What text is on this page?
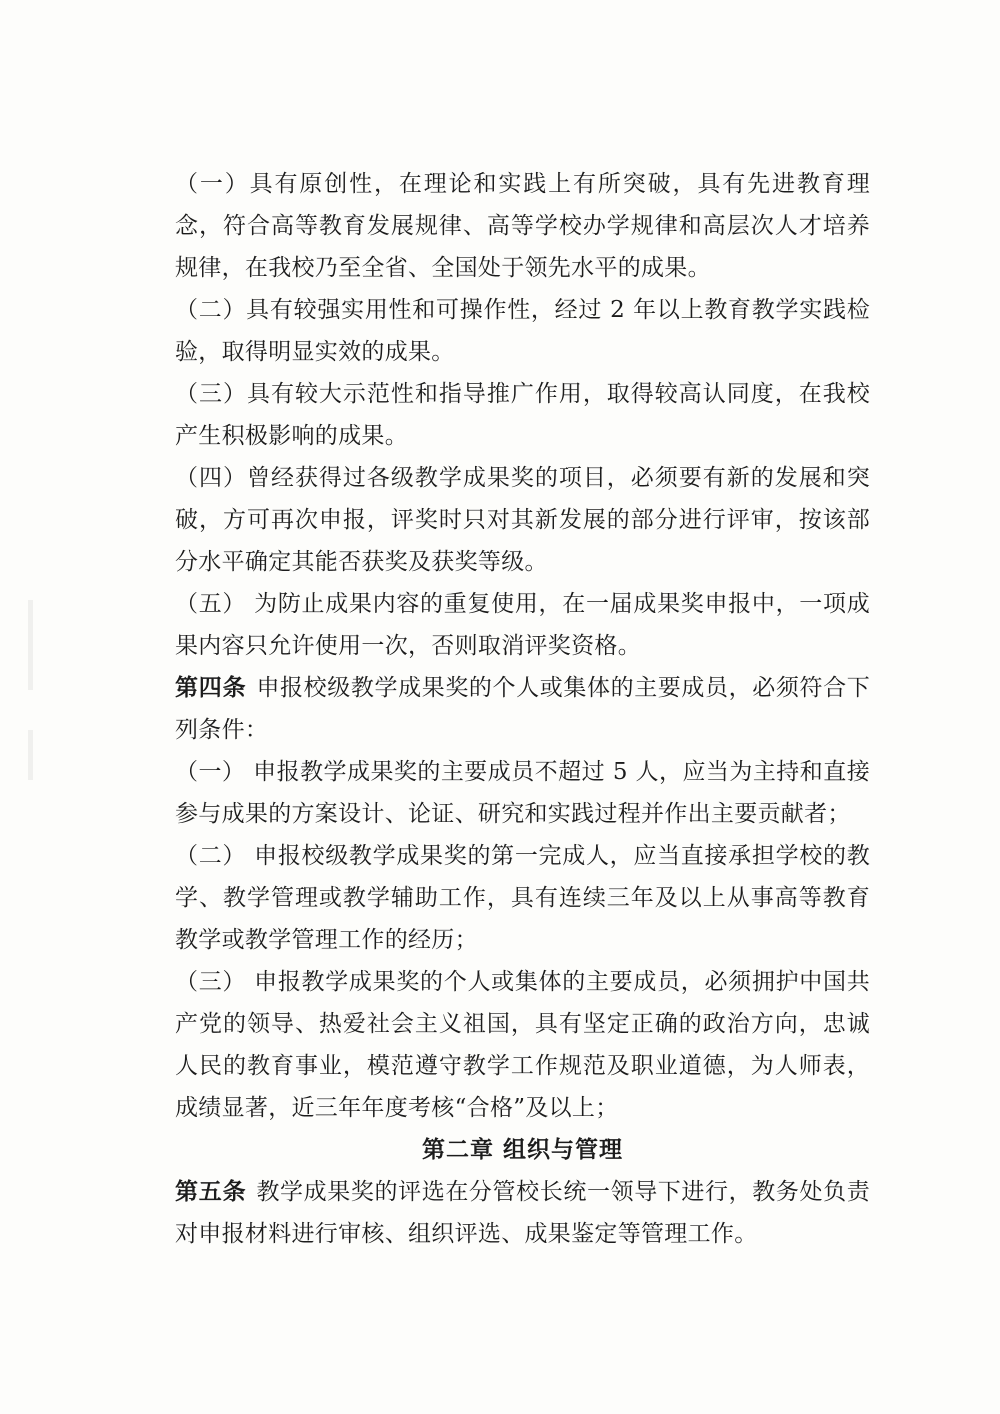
（一）具有原创性，在理论和实践上有所突破，具有先进教育理念，符合高等教育发展规律、高等学校办学规律和高层次人才培养规律，在我校乃至全省、全国处于领先水平的成果。

（二）具有较强实用性和可操作性，经过 2 年以上教育教学实践检验，取得明显实效的成果。

（三）具有较大示范性和指导推广作用，取得较高认同度，在我校产生积极影响的成果。

（四）曾经获得过各级教学成果奖的项目，必须要有新的发展和突破，方可再次申报，评奖时只对其新发展的部分进行评审，按该部分水平确定其能否获奖及获奖等级。

（五） 为防止成果内容的重复使用，在一届成果奖申报中，一项成果内容只允许使用一次，否则取消评奖资格。

第四条 申报校级教学成果奖的个人或集体的主要成员，必须符合下列条件：

（一） 申报教学成果奖的主要成员不超过 5 人，应当为主持和直接参与成果的方案设计、论证、研究和实践过程并作出主要贡献者；

（二） 申报校级教学成果奖的第一完成人，应当直接承担学校的教学、教学管理或教学辅助工作，具有连续三年及以上从事高等教育教学或教学管理工作的经历；

（三） 申报教学成果奖的个人或集体的主要成员，必须拥护中国共产党的领导、热爱社会主义祖国，具有坚定正确的政治方向，忠诚人民的教育事业，模范遵守教学工作规范及职业道德，为人师表，成绩显著，近三年年度考核“合格”及以上；

第二章 组织与管理

第五条 教学成果奖的评选在分管校长统一领导下进行，教务处负责对申报材料进行审核、组织评选、成果鉴定等管理工作。
